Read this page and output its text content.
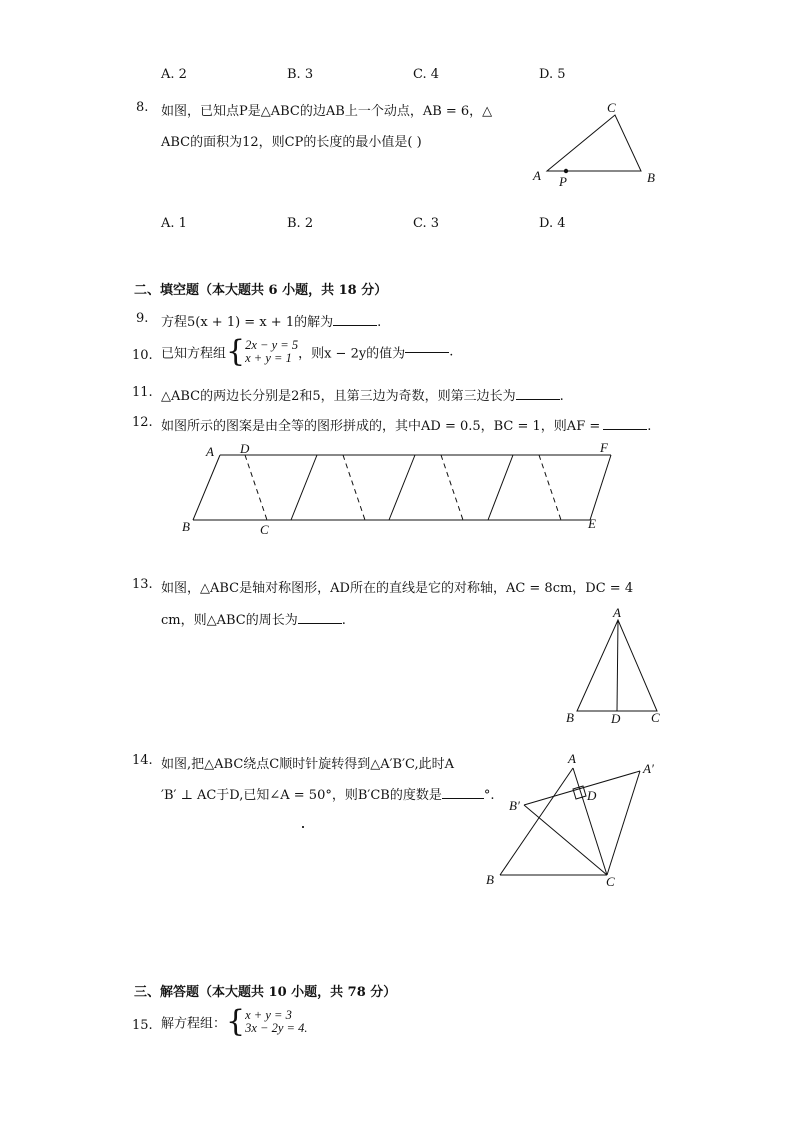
A. 2	B. 3	C. 4	D. 5
8. 如图，已知点P是△ABC的边AB上一个动点，AB = 6，△
ABC的面积为12，则CP的长度的最小值是( )
C
A P	B
A. 1	B. 2	C. 3	D. 4
二、填空题（本大题共 6 小题，共 18 分）
9. 方程5(x + 1) = x + 1的解为	.
10. 已知方程组{2x − y = 5
x + y = 1 ，则x − 2y的值为	.
11. △ABC的两边长分别是2和5，且第三边为奇数，则第三边长为	.
12. 如图所示的图案是由全等的图形拼成的，其中AD = 0.5，BC = 1，则AF =	.
A D	F
B	C	E
13. 如图，△ABC是轴对称图形，AD所在的直线是它的对称轴，AC = 8cm，DC = 4
cm，则△ABC的周长为	.
A
B	D C
14. 如图,把△ABC绕点C顺时针旋转得到△A′B′C,此时A
′B′ ⊥ AC于D,已知∠A = 50°，则B′CB的度数是	°.
A
A′
B′
D
B	C
三、解答题（本大题共 10 小题，共 78 分）
15. 解方程组：{x + y = 3
3x − 2y = 4.
